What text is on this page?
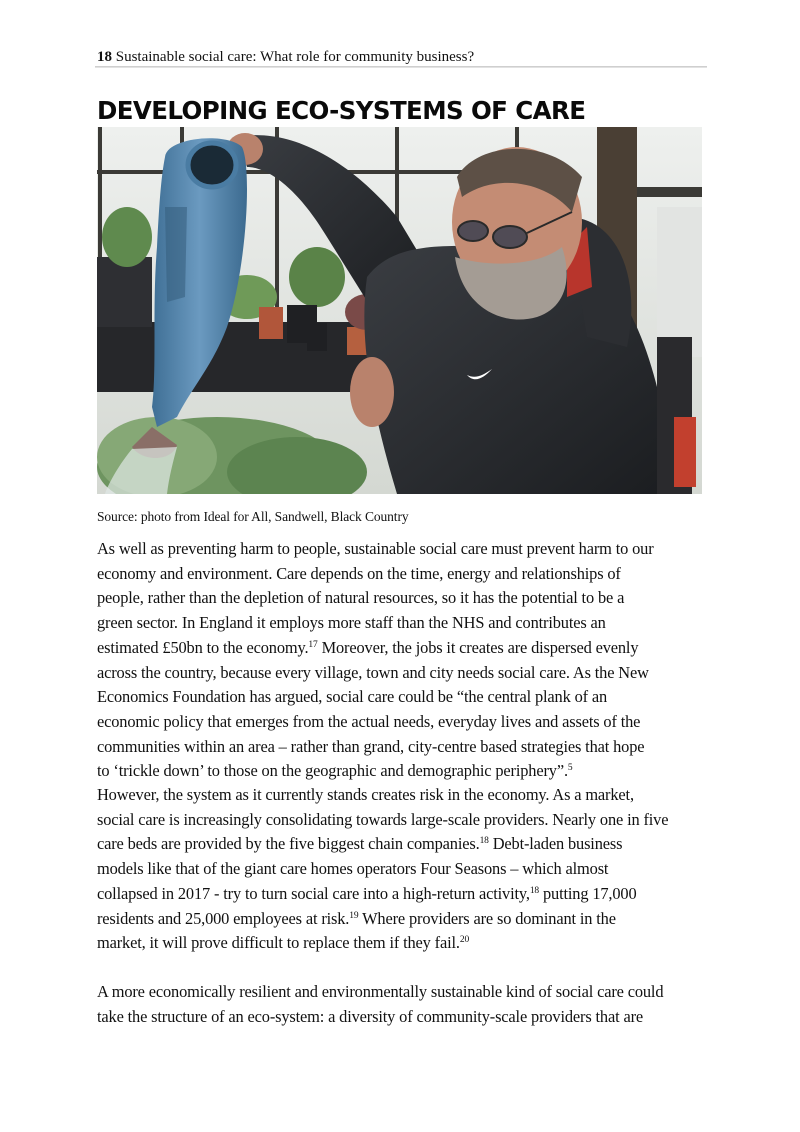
18 Sustainable social care: What role for community business?
DEVELOPING ECO-SYSTEMS OF CARE
Source: photo from Ideal for All, Sandwell, Black Country
As well as preventing harm to people, sustainable social care must prevent harm to our
economy and environment. Care depends on the time, energy and relationships of
people, rather than the depletion of natural resources, so it has the potential to be a
green sector. In England it employs more staff than the NHS and contributes an
estimated £50bn to the economy.$^{17}$ Moreover, the jobs it creates are dispersed evenly
across the country, because every village, town and city needs social care. As the New
Economics Foundation has argued, social care could be “the central plank of an
economic policy that emerges from the actual needs, everyday lives and assets of the
communities within an area – rather than grand, city-centre based strategies that hope
to ‘trickle down’ to those on the geographic and demographic periphery”.$^5$
However, the system as it currently stands creates risk in the economy. As a market,
social care is increasingly consolidating towards large-scale providers. Nearly one in five
care beds are provided by the five biggest chain companies.$^{18}$ Debt-laden business
models like that of the giant care homes operators Four Seasons – which almost
collapsed in 2017 - try to turn social care into a high-return activity,$^{18}$ putting 17,000
residents and 25,000 employees at risk.$^{19}$ Where providers are so dominant in the
market, it will prove difficult to replace them if they fail.$^{20}$
A more economically resilient and environmentally sustainable kind of social care could
take the structure of an eco-system: a diversity of community-scale providers that are
